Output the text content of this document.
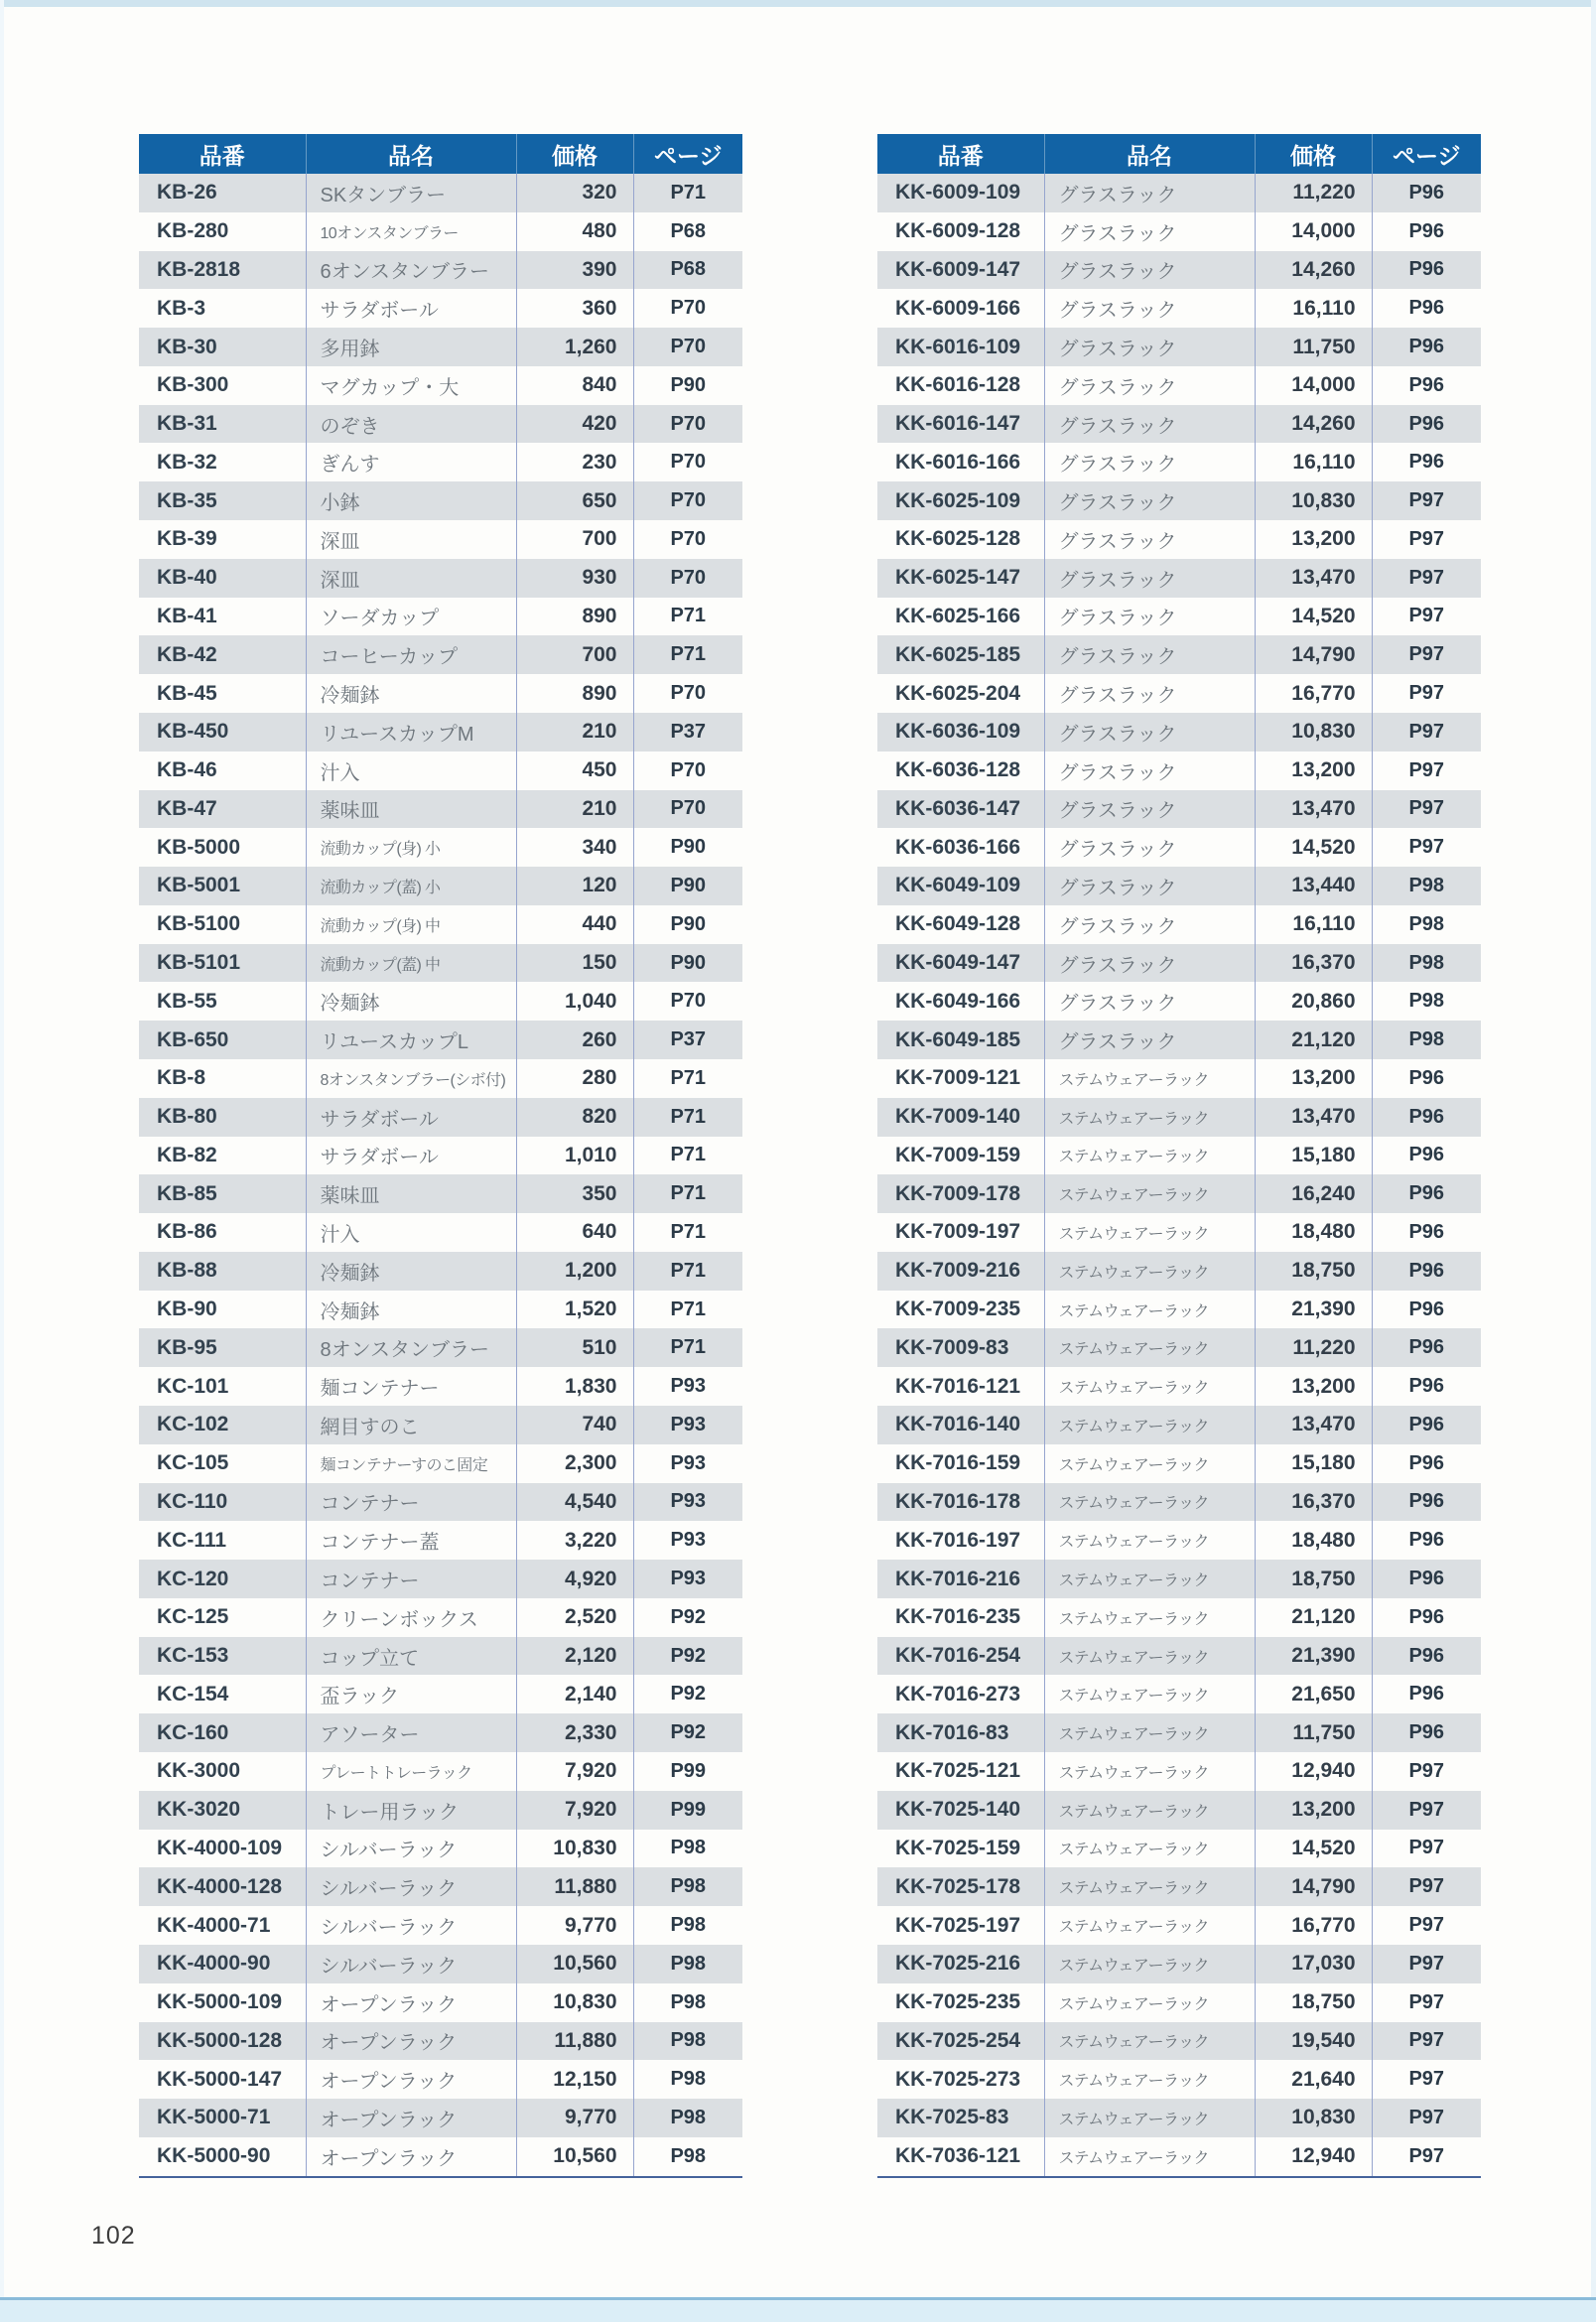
品番	品名	価格	ページ
KB-26	SKタンブラー	320	P71
KB-280	10オンスタンブラー	480	P68
KB-2818	6オンスタンブラー	390	P68
KB-3	サラダボール	360	P70
KB-30	多用鉢	1,260	P70
KB-300	マグカップ・大	840	P90
KB-31	のぞき	420	P70
KB-32	ぎんす	230	P70
KB-35	小鉢	650	P70
KB-39	深皿	700	P70
KB-40	深皿	930	P70
KB-41	ソーダカップ	890	P71
KB-42	コーヒーカップ	700	P71
KB-45	冷麺鉢	890	P70
KB-450	リユースカップM	210	P37
KB-46	汁入	450	P70
KB-47	薬味皿	210	P70
KB-5000	流動カップ(身) 小	340	P90
KB-5001	流動カップ(蓋) 小	120	P90
KB-5100	流動カップ(身) 中	440	P90
KB-5101	流動カップ(蓋) 中	150	P90
KB-55	冷麺鉢	1,040	P70
KB-650	リユースカップL	260	P37
KB-8	8オンスタンブラー(シボ付)	280	P71
KB-80	サラダボール	820	P71
KB-82	サラダボール	1,010	P71
KB-85	薬味皿	350	P71
KB-86	汁入	640	P71
KB-88	冷麺鉢	1,200	P71
KB-90	冷麺鉢	1,520	P71
KB-95	8オンスタンブラー	510	P71
KC-101	麺コンテナー	1,830	P93
KC-102	網目すのこ	740	P93
KC-105	麺コンテナーすのこ固定	2,300	P93
KC-110	コンテナー	4,540	P93
KC-111	コンテナー蓋	3,220	P93
KC-120	コンテナー	4,920	P93
KC-125	クリーンボックス	2,520	P92
KC-153	コップ立て	2,120	P92
KC-154	盃ラック	2,140	P92
KC-160	アソーター	2,330	P92
KK-3000	プレートトレーラック	7,920	P99
KK-3020	トレー用ラック	7,920	P99
KK-4000-109	シルバーラック	10,830	P98
KK-4000-128	シルバーラック	11,880	P98
KK-4000-71	シルバーラック	9,770	P98
KK-4000-90	シルバーラック	10,560	P98
KK-5000-109	オープンラック	10,830	P98
KK-5000-128	オープンラック	11,880	P98
KK-5000-147	オープンラック	12,150	P98
KK-5000-71	オープンラック	9,770	P98
KK-5000-90	オープンラック	10,560	P98
品番	品名	価格	ページ
KK-6009-109	グラスラック	11,220	P96
KK-6009-128	グラスラック	14,000	P96
KK-6009-147	グラスラック	14,260	P96
KK-6009-166	グラスラック	16,110	P96
KK-6016-109	グラスラック	11,750	P96
KK-6016-128	グラスラック	14,000	P96
KK-6016-147	グラスラック	14,260	P96
KK-6016-166	グラスラック	16,110	P96
KK-6025-109	グラスラック	10,830	P97
KK-6025-128	グラスラック	13,200	P97
KK-6025-147	グラスラック	13,470	P97
KK-6025-166	グラスラック	14,520	P97
KK-6025-185	グラスラック	14,790	P97
KK-6025-204	グラスラック	16,770	P97
KK-6036-109	グラスラック	10,830	P97
KK-6036-128	グラスラック	13,200	P97
KK-6036-147	グラスラック	13,470	P97
KK-6036-166	グラスラック	14,520	P97
KK-6049-109	グラスラック	13,440	P98
KK-6049-128	グラスラック	16,110	P98
KK-6049-147	グラスラック	16,370	P98
KK-6049-166	グラスラック	20,860	P98
KK-6049-185	グラスラック	21,120	P98
KK-7009-121	ステムウェアーラック	13,200	P96
KK-7009-140	ステムウェアーラック	13,470	P96
KK-7009-159	ステムウェアーラック	15,180	P96
KK-7009-178	ステムウェアーラック	16,240	P96
KK-7009-197	ステムウェアーラック	18,480	P96
KK-7009-216	ステムウェアーラック	18,750	P96
KK-7009-235	ステムウェアーラック	21,390	P96
KK-7009-83	ステムウェアーラック	11,220	P96
KK-7016-121	ステムウェアーラック	13,200	P96
KK-7016-140	ステムウェアーラック	13,470	P96
KK-7016-159	ステムウェアーラック	15,180	P96
KK-7016-178	ステムウェアーラック	16,370	P96
KK-7016-197	ステムウェアーラック	18,480	P96
KK-7016-216	ステムウェアーラック	18,750	P96
KK-7016-235	ステムウェアーラック	21,120	P96
KK-7016-254	ステムウェアーラック	21,390	P96
KK-7016-273	ステムウェアーラック	21,650	P96
KK-7016-83	ステムウェアーラック	11,750	P96
KK-7025-121	ステムウェアーラック	12,940	P97
KK-7025-140	ステムウェアーラック	13,200	P97
KK-7025-159	ステムウェアーラック	14,520	P97
KK-7025-178	ステムウェアーラック	14,790	P97
KK-7025-197	ステムウェアーラック	16,770	P97
KK-7025-216	ステムウェアーラック	17,030	P97
KK-7025-235	ステムウェアーラック	18,750	P97
KK-7025-254	ステムウェアーラック	19,540	P97
KK-7025-273	ステムウェアーラック	21,640	P97
KK-7025-83	ステムウェアーラック	10,830	P97
KK-7036-121	ステムウェアーラック	12,940	P97
102
